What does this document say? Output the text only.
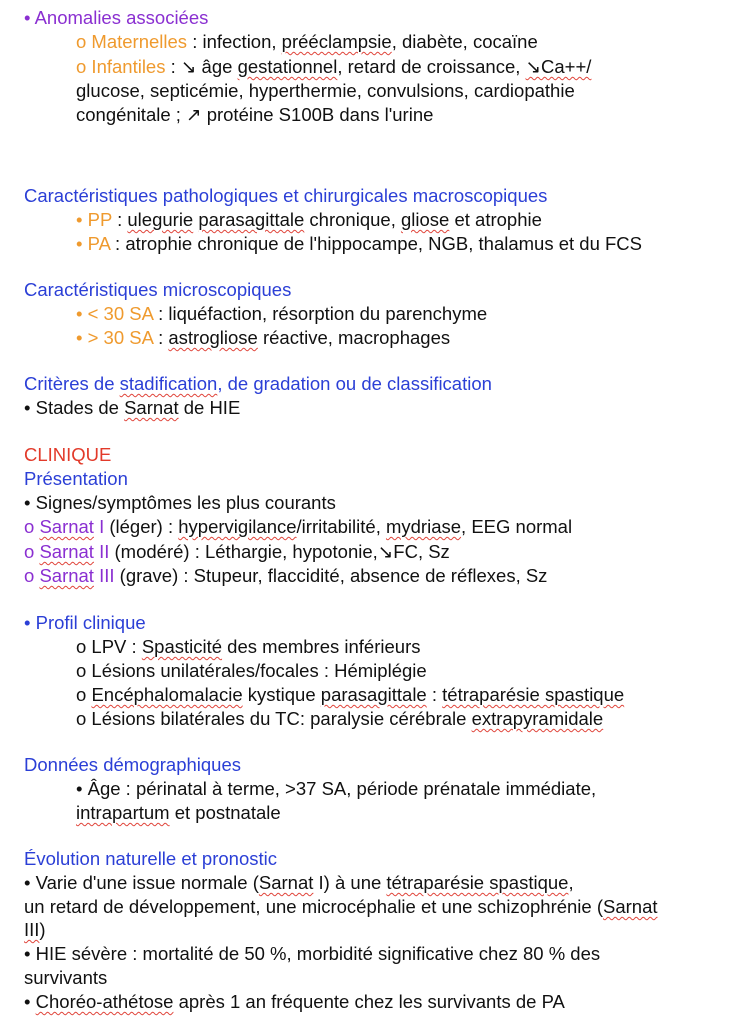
• Anomalies associées
o Maternelles : infection, prééclampsie, diabète, cocaïne
o Infantiles : ↘ âge gestationnel, retard de croissance, ↘Ca++/
glucose, septicémie, hyperthermie, convulsions, cardiopathie
congénitale ; ↗ protéine S100B dans l'urine
Caractéristiques pathologiques et chirurgicales macroscopiques
• PP : ulegurie parasagittale chronique, gliose et atrophie
• PA : atrophie chronique de l'hippocampe, NGB, thalamus et du FCS
Caractéristiques microscopiques
• < 30 SA : liquéfaction, résorption du parenchyme
• > 30 SA : astrogliose réactive, macrophages
Critères de stadification, de gradation ou de classification
• Stades de Sarnat de HIE
CLINIQUE
Présentation
• Signes/symptômes les plus courants
o Sarnat I (léger) : hypervigilance/irritabilité, mydriase, EEG normal
o Sarnat II (modéré) : Léthargie, hypotonie,↘FC, Sz
o Sarnat III (grave) : Stupeur, flaccidité, absence de réflexes, Sz
• Profil clinique
o LPV : Spasticité des membres inférieurs
o Lésions unilatérales/focales : Hémiplégie
o Encéphalomalacie kystique parasagittale : tétraparésie spastique
o Lésions bilatérales du TC: paralysie cérébrale extrapyramidale
Données démographiques
• Âge : périnatal à terme, >37 SA, période prénatale immédiate,
intrapartum et postnatale
Évolution naturelle et pronostic
• Varie d'une issue normale (Sarnat I) à une tétraparésie spastique,
un retard de développement, une microcéphalie et une schizophrénie (Sarnat
III)
• HIE sévère : mortalité de 50 %, morbidité significative chez 80 % des
survivants
• Choréo-athétose après 1 an fréquente chez les survivants de PA
